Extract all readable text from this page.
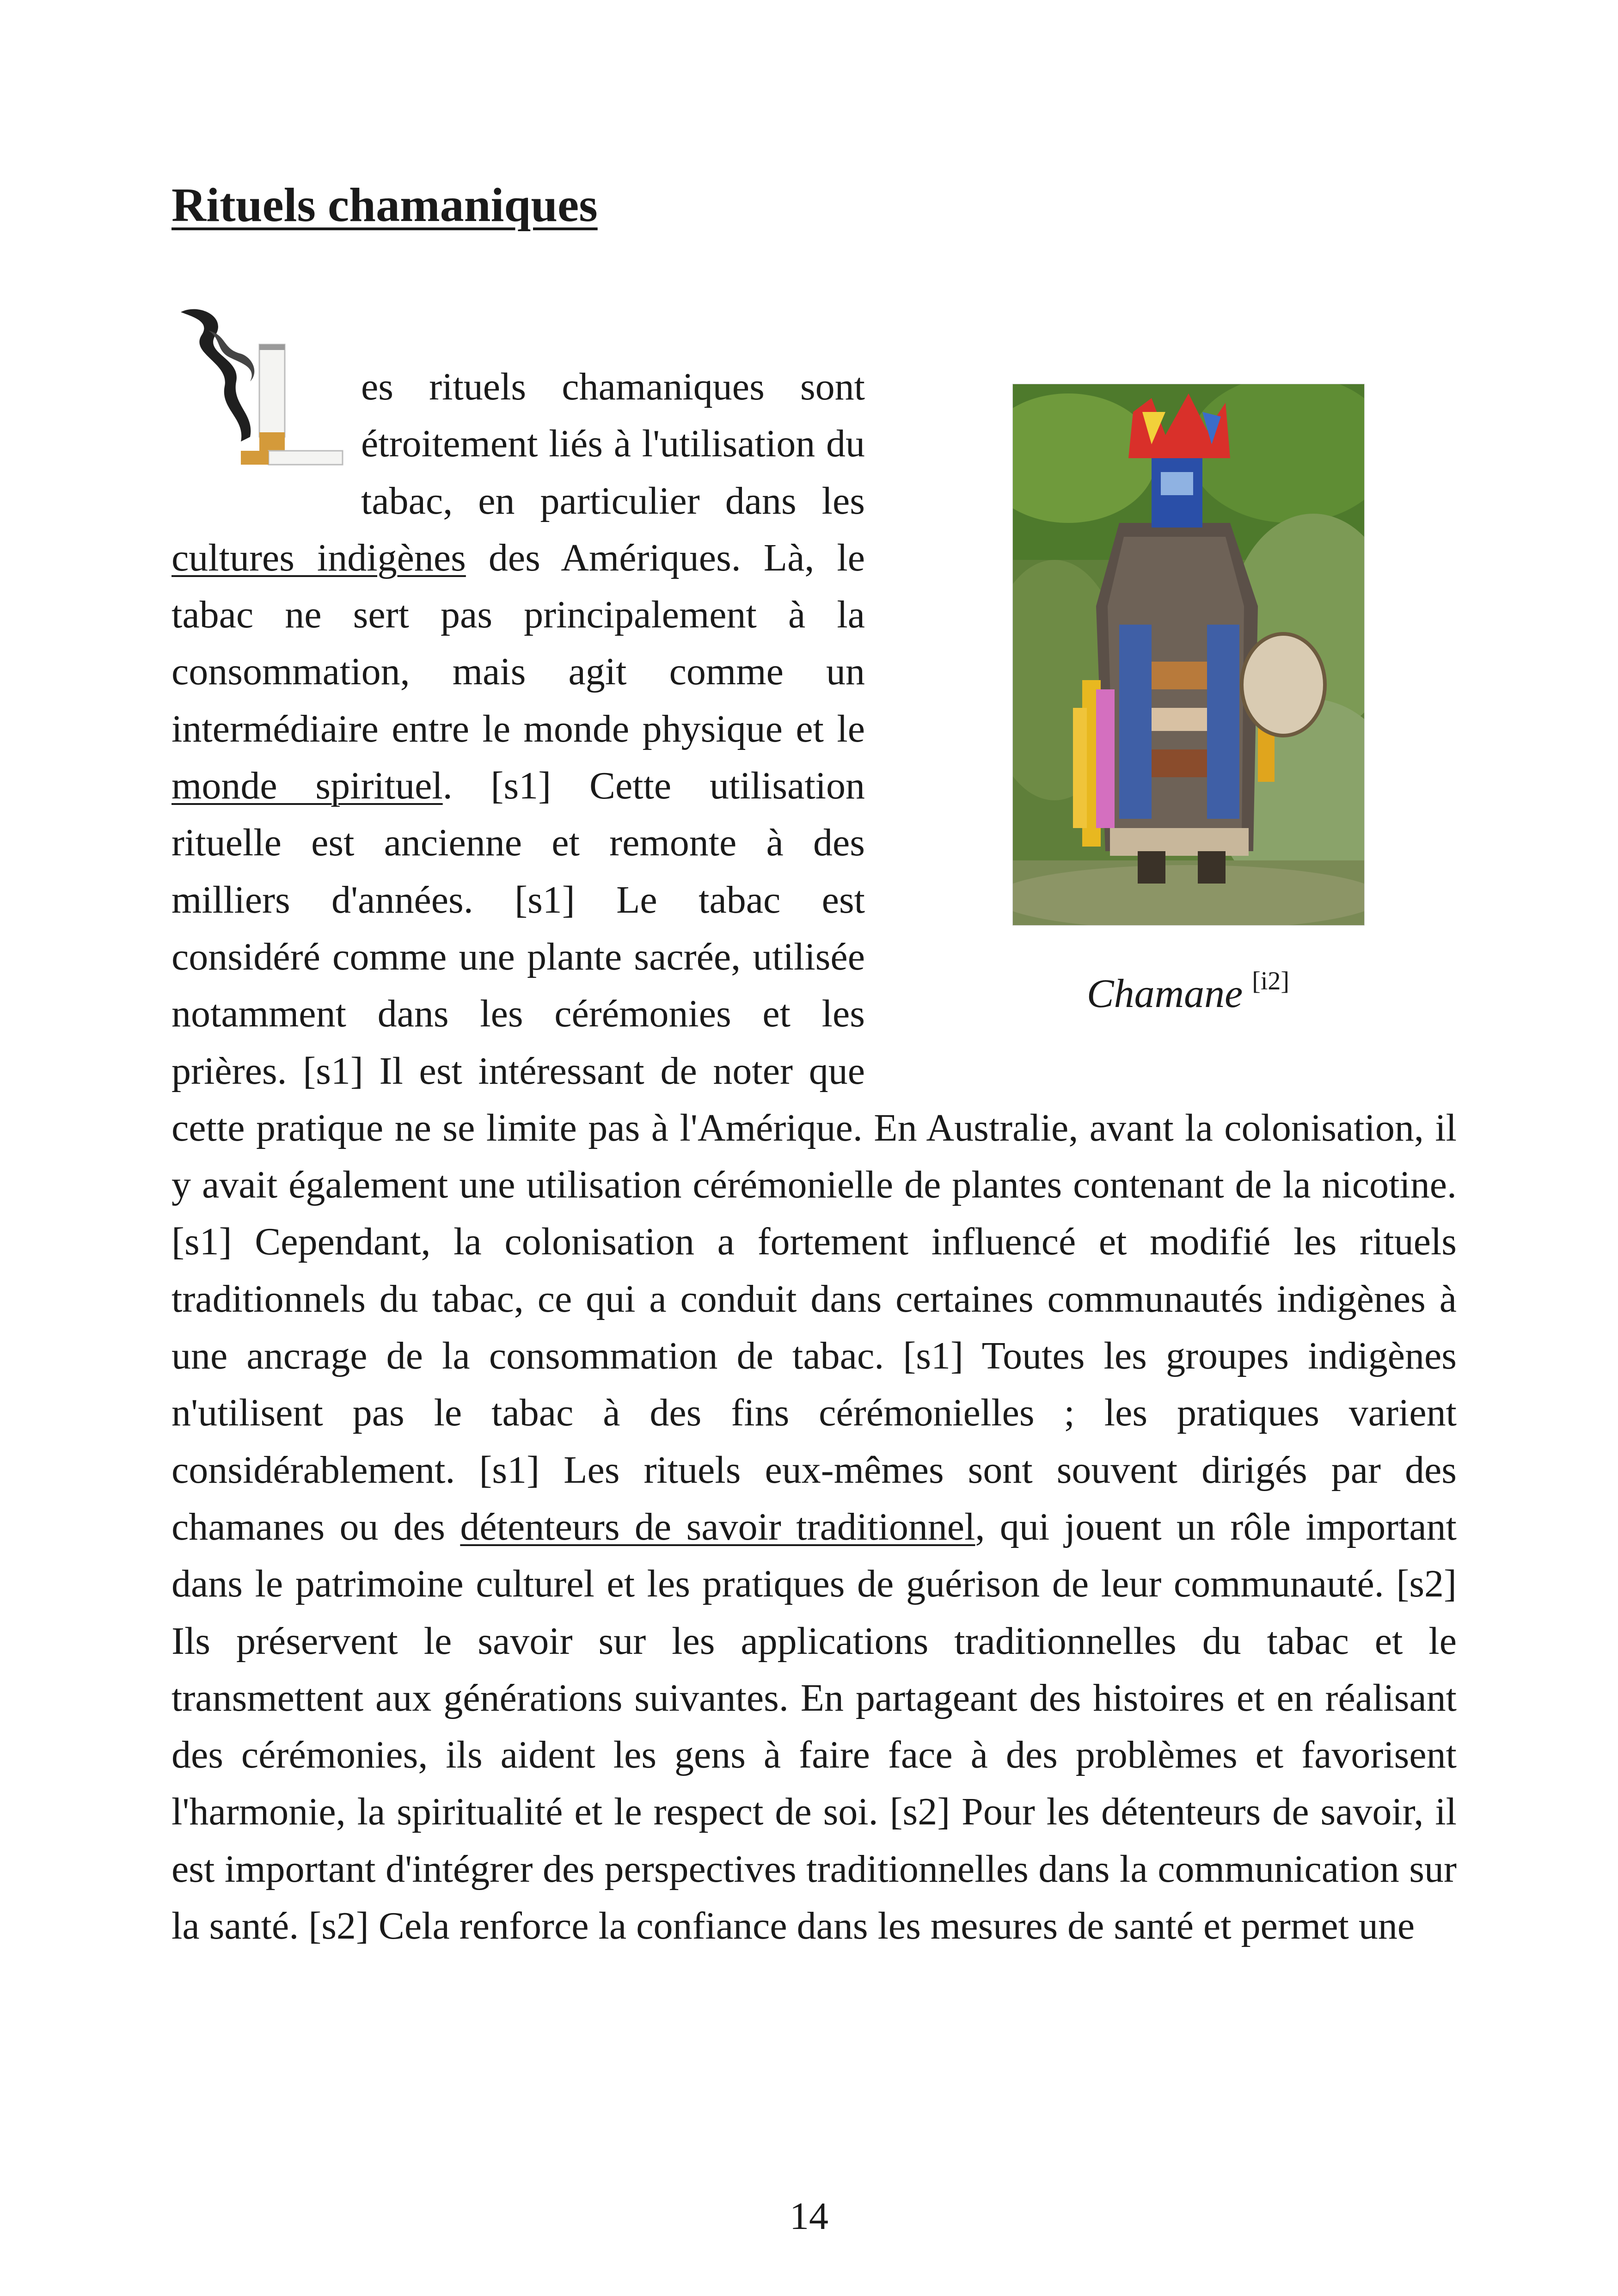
Rituels chamaniques
Chamane [i2]

es rituels chamaniques sont étroitement liés à l'utilisation du tabac, en particulier dans les cultures indigènes des Amériques. Là, le tabac ne sert pas principalement à la consommation, mais agit comme un intermédiaire entre le monde physique et le monde spirituel. [s1] Cette utilisation rituelle est ancienne et remonte à des milliers d'années. [s1] Le tabac est considéré comme une plante sacrée, utilisée notamment dans les cérémonies et les prières. [s1] Il est intéressant de noter que cette pratique ne se limite pas à l'Amérique. En Australie, avant la colonisation, il y avait également une utilisation cérémonielle de plantes contenant de la nicotine. [s1] Cependant, la colonisation a fortement influencé et modifié les rituels traditionnels du tabac, ce qui a conduit dans certaines communautés indigènes à une ancrage de la consommation de tabac. [s1] Toutes les groupes indigènes n'utilisent pas le tabac à des fins cérémonielles ; les pratiques varient considérablement. [s1] Les rituels eux-mêmes sont souvent dirigés par des chamanes ou des détenteurs de savoir traditionnel, qui jouent un rôle important dans le patrimoine culturel et les pratiques de guérison de leur communauté. [s2] Ils préservent le savoir sur les applications traditionnelles du tabac et le transmettent aux générations suivantes. En partageant des histoires et en réalisant des cérémonies, ils aident les gens à faire face à des problèmes et favorisent l'harmonie, la spiritualité et le respect de soi. [s2] Pour les détenteurs de savoir, il est important d'intégrer des perspectives traditionnelles dans la communication sur la santé. [s2] Cela renforce la confiance dans les mesures de santé et permet une

14
